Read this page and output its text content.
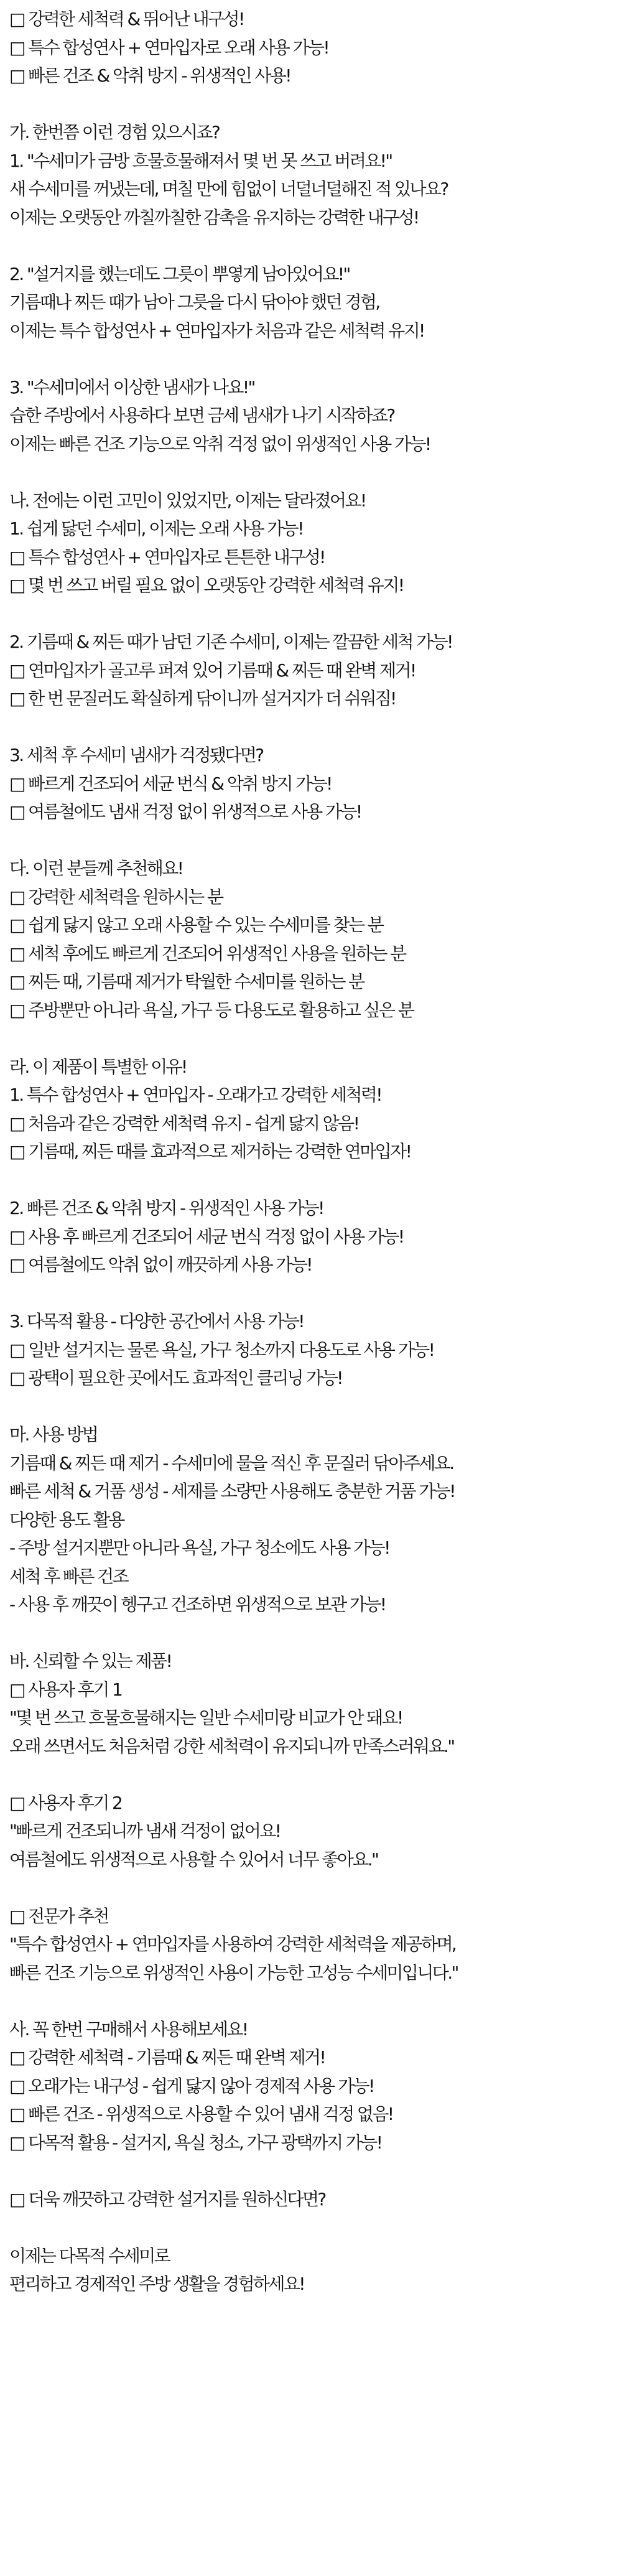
□ 강력한 세척력 & 뛰어난 내구성!
□ 특수 합성연사 + 연마입자로 오래 사용 가능!
□ 빠른 건조 & 악취 방지 - 위생적인 사용!
가. 한번쯤 이런 경험 있으시죠?
1. "수세미가 금방 흐물흐물해져서 몇 번 못 쓰고 버려요!"
새 수세미를 꺼냈는데, 며칠 만에 힘없이 너덜너덜해진 적 있나요?
이제는 오랫동안 까칠까칠한 감촉을 유지하는 강력한 내구성!
2. "설거지를 했는데도 그릇이 뿌옇게 남아있어요!"
기름때나 찌든 때가 남아 그릇을 다시 닦아야 했던 경험,
이제는 특수 합성연사 + 연마입자가 처음과 같은 세척력 유지!
3. "수세미에서 이상한 냄새가 나요!"
습한 주방에서 사용하다 보면 금세 냄새가 나기 시작하죠?
이제는 빠른 건조 기능으로 악취 걱정 없이 위생적인 사용 가능!
나. 전에는 이런 고민이 있었지만, 이제는 달라졌어요!
1. 쉽게 닳던 수세미, 이제는 오래 사용 가능!
□ 특수 합성연사 + 연마입자로 튼튼한 내구성!
□ 몇 번 쓰고 버릴 필요 없이 오랫동안 강력한 세척력 유지!
2. 기름때 & 찌든 때가 남던 기존 수세미, 이제는 깔끔한 세척 가능!
□ 연마입자가 골고루 퍼져 있어 기름때 & 찌든 때 완벽 제거!
□ 한 번 문질러도 확실하게 닦이니까 설거지가 더 쉬워짐!
3. 세척 후 수세미 냄새가 걱정됐다면?
□ 빠르게 건조되어 세균 번식 & 악취 방지 가능!
□ 여름철에도 냄새 걱정 없이 위생적으로 사용 가능!
다. 이런 분들께 추천해요!
□ 강력한 세척력을 원하시는 분
□ 쉽게 닳지 않고 오래 사용할 수 있는 수세미를 찾는 분
□ 세척 후에도 빠르게 건조되어 위생적인 사용을 원하는 분
□ 찌든 때, 기름때 제거가 탁월한 수세미를 원하는 분
□ 주방뿐만 아니라 욕실, 가구 등 다용도로 활용하고 싶은 분
라. 이 제품이 특별한 이유!
1. 특수 합성연사 + 연마입자 - 오래가고 강력한 세척력!
□ 처음과 같은 강력한 세척력 유지 - 쉽게 닳지 않음!
□ 기름때, 찌든 때를 효과적으로 제거하는 강력한 연마입자!
2. 빠른 건조 & 악취 방지 - 위생적인 사용 가능!
□ 사용 후 빠르게 건조되어 세균 번식 걱정 없이 사용 가능!
□ 여름철에도 악취 없이 깨끗하게 사용 가능!
3. 다목적 활용 - 다양한 공간에서 사용 가능!
□ 일반 설거지는 물론 욕실, 가구 청소까지 다용도로 사용 가능!
□ 광택이 필요한 곳에서도 효과적인 클리닝 가능!
마. 사용 방법
기름때 & 찌든 때 제거 - 수세미에 물을 적신 후 문질러 닦아주세요.
빠른 세척 & 거품 생성 - 세제를 소량만 사용해도 충분한 거품 가능!
다양한 용도 활용
- 주방 설거지뿐만 아니라 욕실, 가구 청소에도 사용 가능!
세척 후 빠른 건조
- 사용 후 깨끗이 헹구고 건조하면 위생적으로 보관 가능!
바. 신뢰할 수 있는 제품!
□ 사용자 후기 1
"몇 번 쓰고 흐물흐물해지는 일반 수세미랑 비교가 안 돼요!
오래 쓰면서도 처음처럼 강한 세척력이 유지되니까 만족스러워요."
□ 사용자 후기 2
"빠르게 건조되니까 냄새 걱정이 없어요!
여름철에도 위생적으로 사용할 수 있어서 너무 좋아요."
□ 전문가 추천
"특수 합성연사 + 연마입자를 사용하여 강력한 세척력을 제공하며,
빠른 건조 기능으로 위생적인 사용이 가능한 고성능 수세미입니다."
사. 꼭 한번 구매해서 사용해보세요!
□ 강력한 세척력 - 기름때 & 찌든 때 완벽 제거!
□ 오래가는 내구성 - 쉽게 닳지 않아 경제적 사용 가능!
□ 빠른 건조 - 위생적으로 사용할 수 있어 냄새 걱정 없음!
□ 다목적 활용 - 설거지, 욕실 청소, 가구 광택까지 가능!
□ 더욱 깨끗하고 강력한 설거지를 원하신다면?
이제는 다목적 수세미로
편리하고 경제적인 주방 생활을 경험하세요!
